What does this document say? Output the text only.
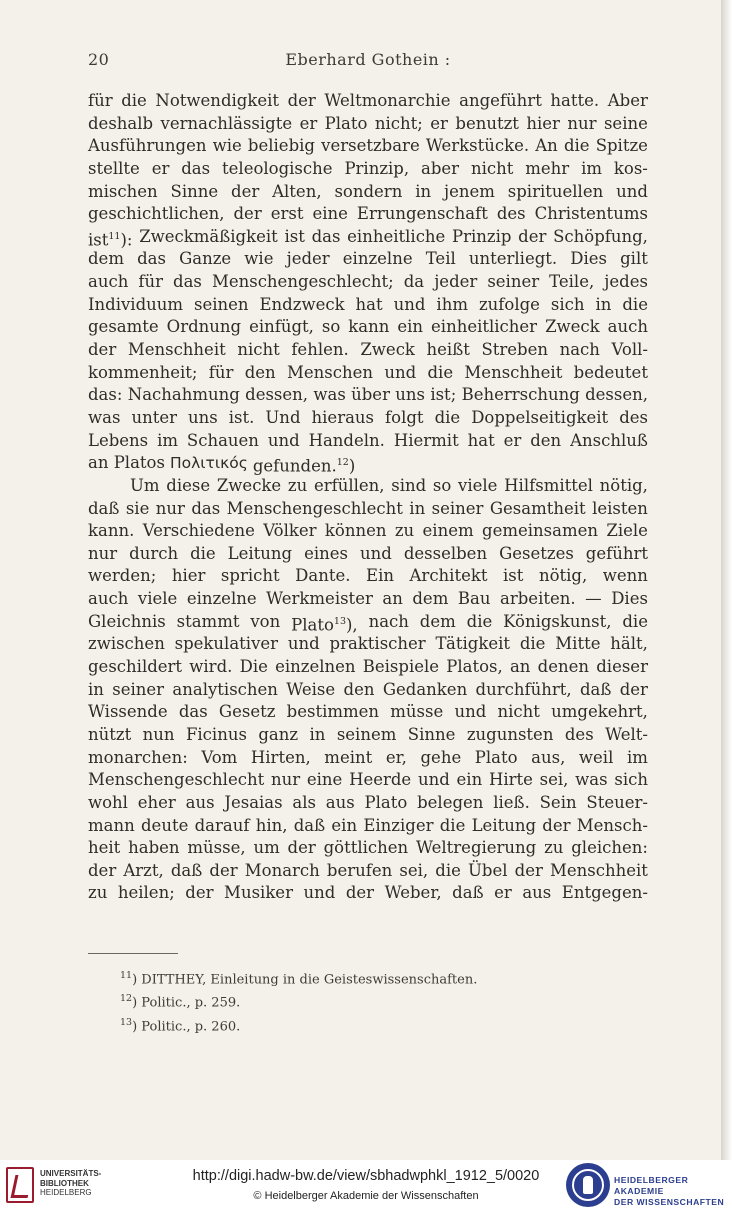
20	Eberhard Gothein :
für die Notwendigkeit der Weltmonarchie angeführt hatte. Aber
deshalb vernachlässigte er Plato nicht; er benutzt hier nur seine
Ausführungen wie beliebig versetzbare Werkstücke. An die Spitze
stellte er das teleologische Prinzip, aber nicht mehr im kos-
mischen Sinne der Alten, sondern in jenem spirituellen und
geschichtlichen, der erst eine Errungenschaft des Christentums
ist$^{11}$): Zweckmäßigkeit ist das einheitliche Prinzip der Schöpfung,
dem das Ganze wie jeder einzelne Teil unterliegt. Dies gilt
auch für das Menschengeschlecht; da jeder seiner Teile, jedes
Individuum seinen Endzweck hat und ihm zufolge sich in die
gesamte Ordnung einfügt, so kann ein einheitlicher Zweck auch
der Menschheit nicht fehlen. Zweck heißt Streben nach Voll-
kommenheit; für den Menschen und die Menschheit bedeutet
das: Nachahmung dessen, was über uns ist; Beherrschung dessen,
was unter uns ist. Und hieraus folgt die Doppelseitigkeit des
Lebens im Schauen und Handeln. Hiermit hat er den Anschluß
an Platos Πολιτικός gefunden.$^{12}$)
Um diese Zwecke zu erfüllen, sind so viele Hilfsmittel nötig,
daß sie nur das Menschengeschlecht in seiner Gesamtheit leisten
kann. Verschiedene Völker können zu einem gemeinsamen Ziele
nur durch die Leitung eines und desselben Gesetzes geführt
werden; hier spricht Dante. Ein Architekt ist nötig, wenn
auch viele einzelne Werkmeister an dem Bau arbeiten. — Dies
Gleichnis stammt von Plato$^{13}$), nach dem die Königskunst, die
zwischen spekulativer und praktischer Tätigkeit die Mitte hält,
geschildert wird. Die einzelnen Beispiele Platos, an denen dieser
in seiner analytischen Weise den Gedanken durchführt, daß der
Wissende das Gesetz bestimmen müsse und nicht umgekehrt,
nützt nun Ficinus ganz in seinem Sinne zugunsten des Welt-
monarchen: Vom Hirten, meint er, gehe Plato aus, weil im
Menschengeschlecht nur eine Heerde und ein Hirte sei, was sich
wohl eher aus Jesaias als aus Plato belegen ließ. Sein Steuer-
mann deute darauf hin, daß ein Einziger die Leitung der Mensch-
heit haben müsse, um der göttlichen Weltregierung zu gleichen:
der Arzt, daß der Monarch berufen sei, die Übel der Menschheit
zu heilen; der Musiker und der Weber, daß er aus Entgegen-
$^{11}$) DITTHEY, Einleitung in die Geisteswissenschaften.
$^{12}$) Politic., p. 259.
$^{13}$) Politic., p. 260.
UNIVERSITÄTS-
BIBLIOTHEK
HEIDELBERG
http://digi.hadw-bw.de/view/sbhadwphkl_1912_5/0020
© Heidelberger Akademie der Wissenschaften
HEIDELBERGER AKADEMIE
DER WISSENSCHAFTEN
